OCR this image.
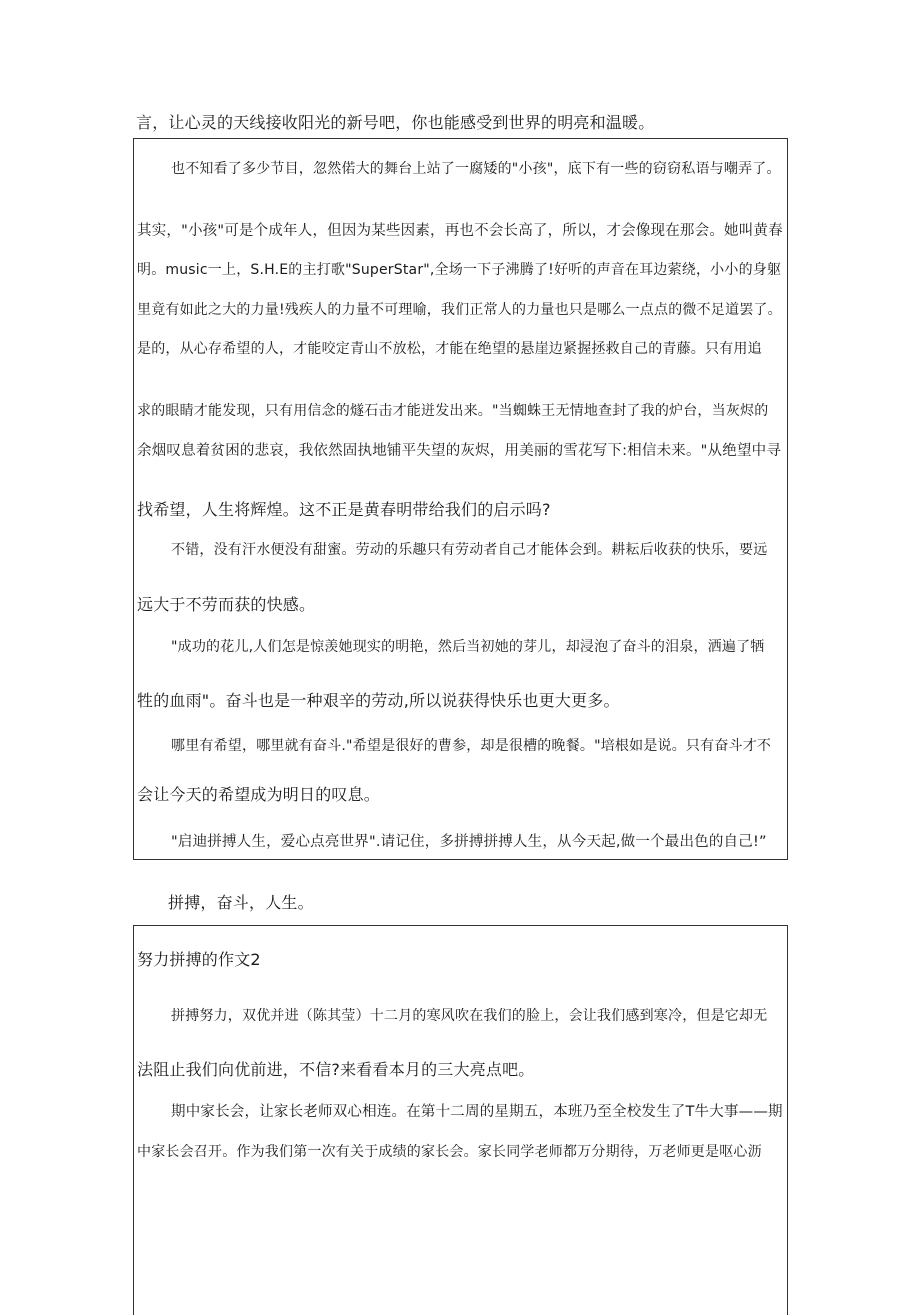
言，让心灵的天线接收阳光的新号吧，你也能感受到世界的明亮和温暖。
也不知看了多少节目，忽然偌大的舞台上站了一腐矮的"小孩"，底下有一些的窃窃私语与嘲弄了。
其实，"小孩"可是个成年人，但因为某些因素，再也不会长高了，所以，才会像现在那会。她叫黄春
明。music一上，S.H.E的主打歌"SuperStar",全场一下子沸腾了!好听的声音在耳边萦绕，小小的身躯
里竟有如此之大的力量!残疾人的力量不可理喻，我们正常人的力量也只是哪么一点点的微不足道罢了。
是的，从心存希望的人，才能咬定青山不放松，才能在绝望的悬崖边紧握拯救自己的青藤。只有用追
求的眼睛才能发现，只有用信念的燧石击才能迸发出来。"当蜘蛛王无情地查封了我的炉台，当灰烬的
余烟叹息着贫困的悲哀，我依然固执地铺平失望的灰烬，用美丽的雪花写下:相信未来。"从绝望中寻
找希望，人生将辉煌。这不正是黄春明带给我们的启示吗?
不错，没有汗水便没有甜蜜。劳动的乐趣只有劳动者自己才能体会到。耕耘后收获的快乐，要远
远大于不劳而获的快感。
"成功的花儿,人们怎是惊羡她现实的明艳，然后当初她的芽儿，却浸泡了奋斗的泪泉，洒遍了牺
牲的血雨"。奋斗也是一种艰辛的劳动,所以说获得快乐也更大更多。
哪里有希望，哪里就有奋斗."希望是很好的曹参，却是很槽的晚餐。"培根如是说。只有奋斗才不
会让今天的希望成为明日的叹息。
"启迪拼搏人生，爱心点亮世界".请记住，多拼搏拼搏人生，从今天起,做一个最出色的自己!”
拼搏，奋斗，人生。
努力拼搏的作文2
拼搏努力，双优并进（陈其莹）十二月的寒风吹在我们的脸上，会让我们感到寒冷，但是它却无
法阻止我们向优前进，不信?来看看本月的三大亮点吧。
期中家长会，让家长老师双心相连。在第十二周的星期五，本班乃至全校发生了T牛大事——期
中家长会召开。作为我们第一次有关于成绩的家长会。家长同学老师都万分期待，万老师更是呕心沥
